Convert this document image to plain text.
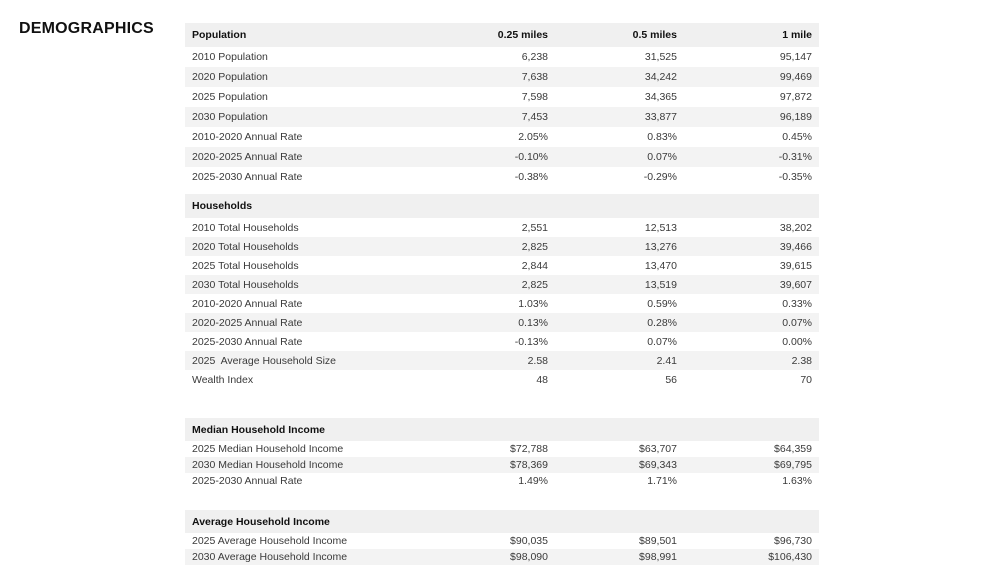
DEMOGRAPHICS	Population	0.25 miles	0.5 miles	1 mile
2010 Population	6,238	31,525	95,147
2020 Population	7,638	34,242	99,469
2025 Population	7,598	34,365	97,872
2030 Population	7,453	33,877	96,189
2010-2020 Annual Rate	2.05%	0.83%	0.45%
2020-2025 Annual Rate	-0.10%	0.07%	-0.31%
2025-2030 Annual Rate	-0.38%	-0.29%	-0.35%
Households
2010 Total Households	2,551	12,513	38,202
2020 Total Households	2,825	13,276	39,466
2025 Total Households	2,844	13,470	39,615
2030 Total Households	2,825	13,519	39,607
2010-2020 Annual Rate	1.03%	0.59%	0.33%
2020-2025 Annual Rate	0.13%	0.28%	0.07%
2025-2030 Annual Rate	-0.13%	0.07%	0.00%
2025  Average Household Size	2.58	2.41	2.38
Wealth Index	48	56	70
Median Household Income
2025 Median Household Income	$72,788	$63,707	$64,359
2030 Median Household Income	$78,369	$69,343	$69,795
2025-2030 Annual Rate	1.49%	1.71%	1.63%
Average Household Income
2025 Average Household Income	$90,035	$89,501	$96,730
2030 Average Household Income	$98,090	$98,991	$106,430
